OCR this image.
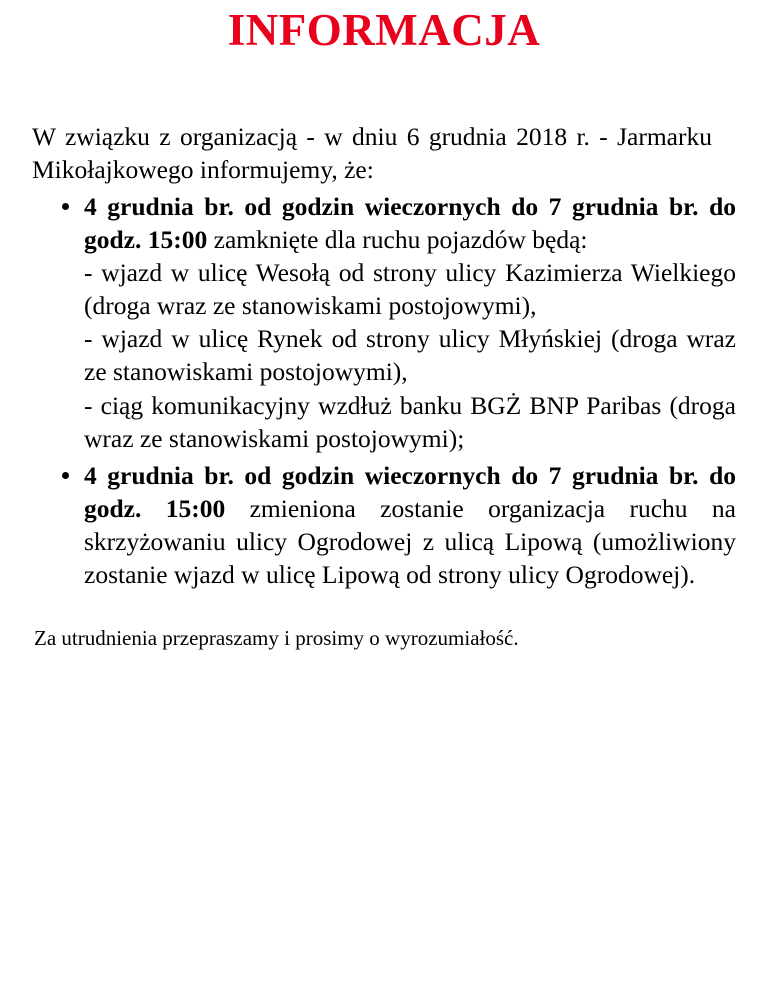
INFORMACJA

W związku z organizacją - w dniu 6 grudnia 2018 r. - Jarmarku Mikołajkowego informujemy, że:

4 grudnia br. od godzin wieczornych do 7 grudnia br. do godz. 15:00 zamknięte dla ruchu pojazdów będą:

- wjazd w ulicę Wesołą od strony ulicy Kazimierza Wielkiego (droga wraz ze stanowiskami postojowymi),

- wjazd w ulicę Rynek od strony ulicy Młyńskiej (droga wraz ze stanowiskami postojowymi),

- ciąg komunikacyjny wzdłuż banku BGŻ BNP Paribas (droga wraz ze stanowiskami postojowymi);

4 grudnia br. od godzin wieczornych do 7 grudnia br. do godz. 15:00 zmieniona zostanie organizacja ruchu na skrzyżowaniu ulicy Ogrodowej z ulicą Lipową (umożliwiony zostanie wjazd w ulicę Lipową od strony ulicy Ogrodowej).

Za utrudnienia przepraszamy i prosimy o wyrozumiałość.
